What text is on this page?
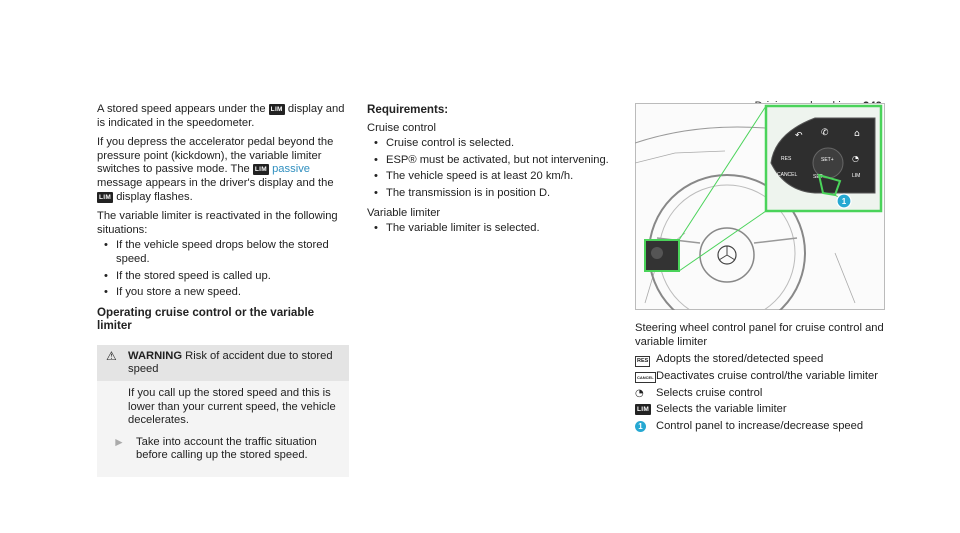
A stored speed appears under the LIM display and is indicated in the speedometer.

If you depress the accelerator pedal beyond the pressure point (kickdown), the variable limiter switches to passive mode. The LIM passive message appears in the driver's display and the LIM display flashes.

The variable limiter is reactivated in the following situations:

• If the vehicle speed drops below the stored speed.
• If the stored speed is called up.
• If you store a new speed.
Operating cruise control or the variable limiter
⚠ WARNING Risk of accident due to stored speed

If you call up the stored speed and this is lower than your current speed, the vehicle decelerates.

► Take into account the traffic situation before calling up the stored speed.

Requirements:

Cruise control

• Cruise control is selected.
• ESP® must be activated, but not intervening.
• The vehicle speed is at least 20 km/h.
• The transmission is in position D.

Variable limiter

• The variable limiter is selected.
SET+
SET-
RES
CANCEL	LIM
↶ ✆	⌂
◔
1

Steering wheel control panel for cruise control and variable limiter

RES Adopts the stored/detected speed
CANCEL Deactivates cruise control/the variable limiter
◔	Selects cruise control
LIM Selects the variable limiter
1	Control panel to increase/decrease speed
